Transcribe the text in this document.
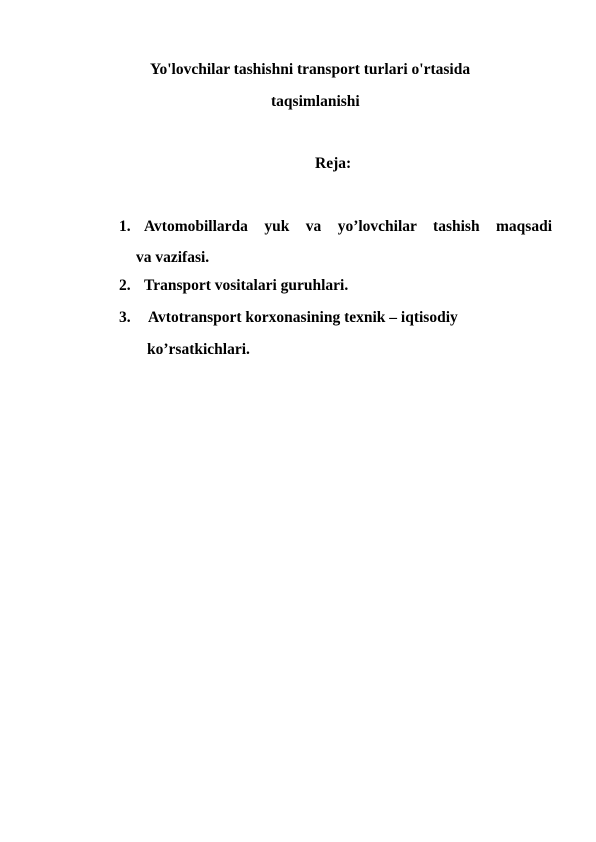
Yo'lovchilar tashishni transport turlari o'rtasida
taqsimlanishi
Reja:
1. Avtomobillarda yuk va yo’lovchilar tashish maqsadi
va vazifasi.
2. Transport vositalari guruhlari.
3. Avtotransport korxonasining texnik – iqtisodiy
ko’rsatkichlari.
